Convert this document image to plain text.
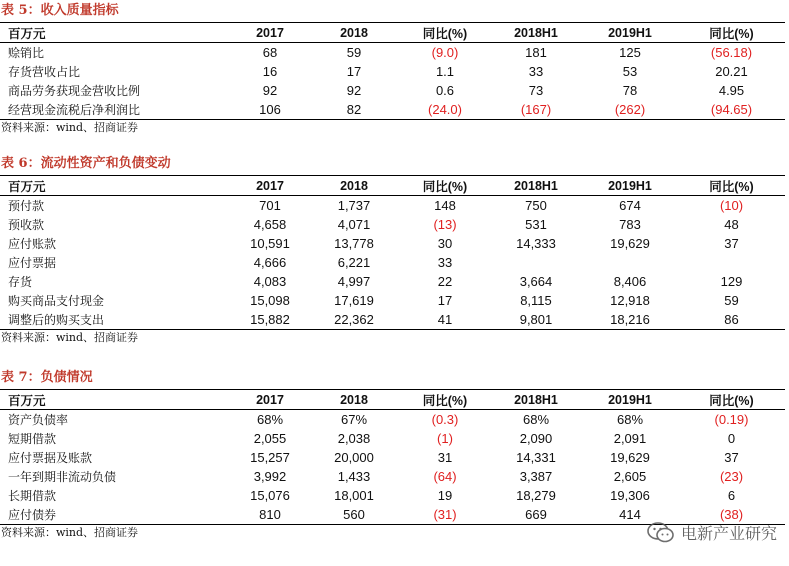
表 5：收入质量指标
百万元	2017	2018	同比(%)	2018H1	2019H1	同比(%)
赊销比	68	59	(9.0)	181	125	(56.18)
存货营收占比	16	17	1.1	33	53	20.21
商品劳务获现金营收比例	92	92	0.6	73	78	4.95
经营现金流税后净利润比	106	82	(24.0)	(167)	(262)	(94.65)
资料来源：wind、招商证券
表 6：流动性资产和负债变动
百万元	2017	2018	同比(%)	2018H1	2019H1	同比(%)
预付款	701	1,737	148	750	674	(10)
预收款	4,658	4,071	(13)	531	783	48
应付账款	10,591	13,778	30	14,333	19,629	37
应付票据	4,666	6,221	33			
存货	4,083	4,997	22	3,664	8,406	129
购买商品支付现金	15,098	17,619	17	8,115	12,918	59
调整后的购买支出	15,882	22,362	41	9,801	18,216	86
资料来源：wind、招商证券
表 7：负债情况
百万元	2017	2018	同比(%)	2018H1	2019H1	同比(%)
资产负债率	68%	67%	(0.3)	68%	68%	(0.19)
短期借款	2,055	2,038	(1)	2,090	2,091	0
应付票据及账款	15,257	20,000	31	14,331	19,629	37
一年到期非流动负债	3,992	1,433	(64)	3,387	2,605	(23)
长期借款	15,076	18,001	19	18,279	19,306	6
应付债券	810	560	(31)	669	414	(38)
资料来源：wind、招商证券	电新产业研究
